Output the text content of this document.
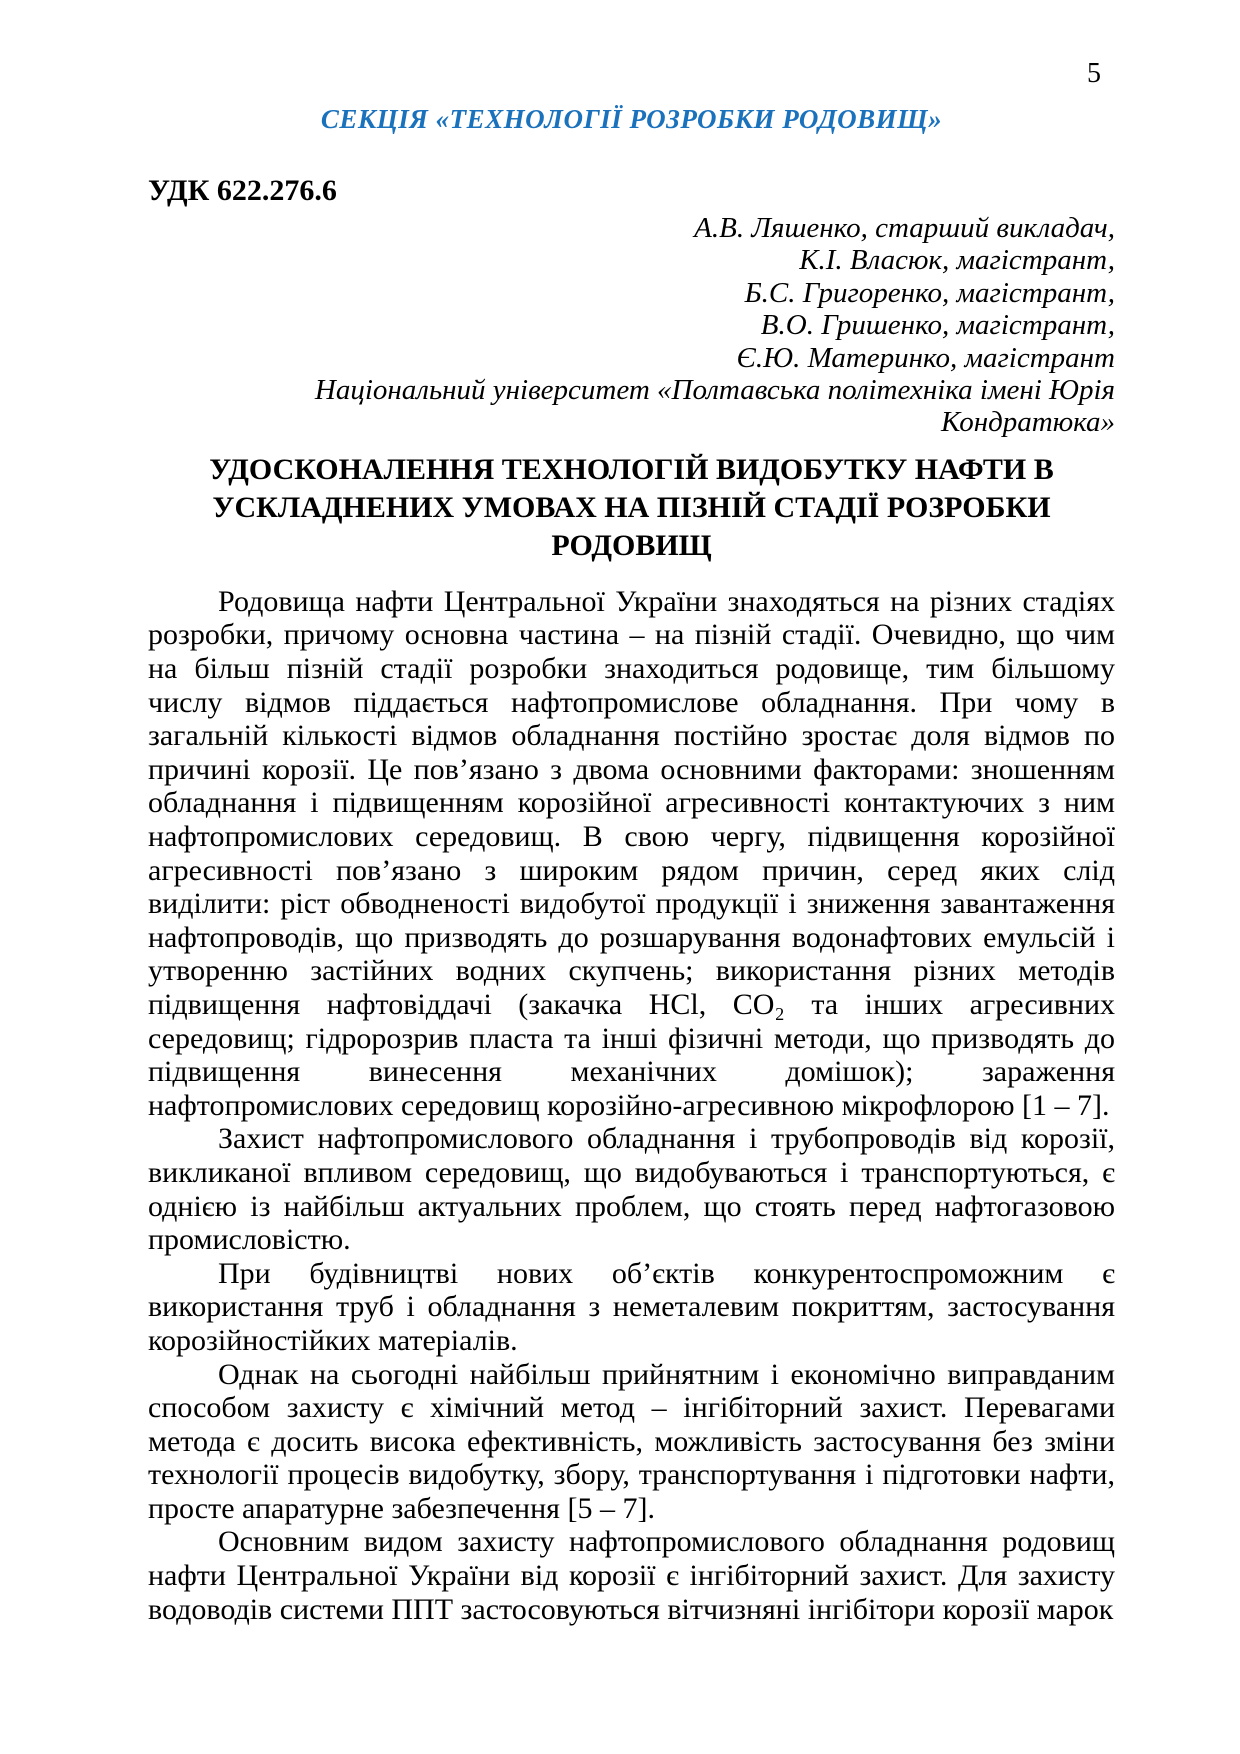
5
СЕКЦІЯ «ТЕХНОЛОГІЇ РОЗРОБКИ РОДОВИЩ»
УДК 622.276.6
А.В. Ляшенко, старший викладач,
К.І. Власюк, магістрант,
Б.С. Григоренко, магістрант,
В.О. Гришенко, магістрант,
Є.Ю. Материнко, магістрант
Національний університет «Полтавська політехніка імені Юрія Кондратюка»
УДОСКОНАЛЕННЯ ТЕХНОЛОГІЙ ВИДОБУТКУ НАФТИ В УСКЛАДНЕНИХ УМОВАХ НА ПІЗНІЙ СТАДІЇ РОЗРОБКИ РОДОВИЩ

Родовища нафти Центральної України знаходяться на різних стадіях розробки, причому основна частина – на пізній стадії. Очевидно, що чим на більш пізній стадії розробки знаходиться родовище, тим більшому числу відмов піддається нафтопромислове обладнання. При чому в загальній кількості відмов обладнання постійно зростає доля відмов по причині корозії. Це пов’язано з двома основними факторами: зношенням обладнання і підвищенням корозійної агресивності контактуючих з ним нафтопромислових середовищ. В свою чергу, підвищення корозійної агресивності пов’язано з широким рядом причин, серед яких слід виділити: ріст обводненості видобутої продукції і зниження завантаження нафтопроводів, що призводять до розшарування водонафтових емульсій і утворенню застійних водних скупчень; використання різних методів підвищення нафтовіддачі (закачка HCl, CO₂ та інших агресивних середовищ; гідророзрив пласта та інші фізичні методи, що призводять до підвищення винесення механічних домішок); зараження нафтопромислових середовищ корозійно-агресивною мікрофлорою [1 – 7].

Захист нафтопромислового обладнання і трубопроводів від корозії, викликаної впливом середовищ, що видобуваються і транспортуються, є однією із найбільш актуальних проблем, що стоять перед нафтогазовою промисловістю.

При будівництві нових об’єктів конкурентоспроможним є використання труб і обладнання з неметалевим покриттям, застосування корозійностійких матеріалів.

Однак на сьогодні найбільш прийнятним і економічно виправданим способом захисту є хімічний метод – інгібіторний захист. Перевагами метода є досить висока ефективність, можливість застосування без зміни технології процесів видобутку, збору, транспортування і підготовки нафти, просте апаратурне забезпечення [5 – 7].

Основним видом захисту нафтопромислового обладнання родовищ нафти Центральної України від корозії є інгібіторний захист. Для захисту водоводів системи ППТ застосовуються вітчизняні інгібітори корозії марок
